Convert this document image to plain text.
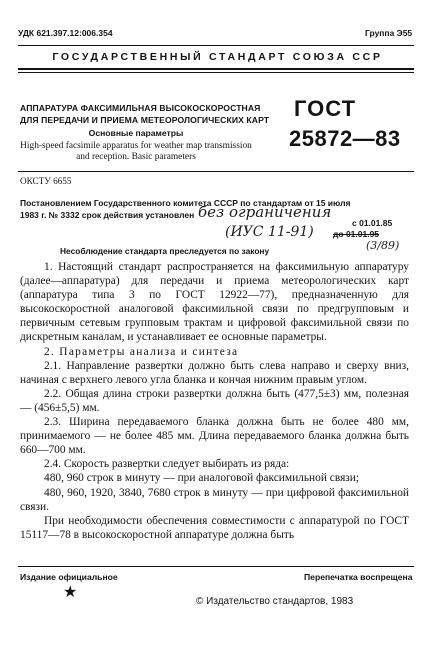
УДК 621.397.12:006.354	Группа Э55
ГОСУДАРСТВЕННЫЙ СТАНДАРТ СОЮЗА ССР
АППАРАТУРА ФАКСИМИЛЬНАЯ ВЫСОКОСКОРОСТНАЯ
ДЛЯ ПЕРЕДАЧИ И ПРИЕМА МЕТЕОРОЛОГИЧЕСКИХ КАРТ
Основные параметры
High-speed facsimile apparatus for weather map transmission and reception. Basic parameters
ГОСТ
25872—83
ОКСТУ 6655
Постановлением Государственного комитета СССР по стандартам от 15 июля
1983 г. № 3332 срок действия установлен без ограничения
(ИУС 11-91)
с 01.01.85
до 01.01.95
(3/89)
Несоблюдение стандарта преследуется по закону

1. Настоящий стандарт распространяется на факсимильную аппаратуру (далее—аппаратура) для передачи и приема метеорологических карт (аппаратура типа 3 по ГОСТ 12922—77), предназначенную для высокоскоростной аналоговой факсимильной связи по предгрупповым и первичным сетевым групповым трактам и цифровой факсимильной связи по дискретным каналам, и устанавливает ее основные параметры.

2. Параметры анализа и синтеза

2.1. Направление развертки должно быть слева направо и сверху вниз, начиная с верхнего левого угла бланка и кончая нижним правым углом.

2.2. Общая длина строки развертки должна быть (477,5±3) мм, полезная — (456±5,5) мм.

2.3. Ширина передаваемого бланка должна быть не более 480 мм, принимаемого — не более 485 мм. Длина передаваемого бланка должна быть 660—700 мм.

2.4. Скорость развертки следует выбирать из ряда:

480, 960 строк в минуту — при аналоговой факсимильной связи;

480, 960, 1920, 3840, 7680 строк в минуту — при цифровой факсимильной связи.

При необходимости обеспечения совместимости с аппаратурой по ГОСТ 15117—78 в высокоскоростной аппаратуре должна быть

Издание официальное	Перепечатка воспрещена
★
© Издательство стандартов, 1983
